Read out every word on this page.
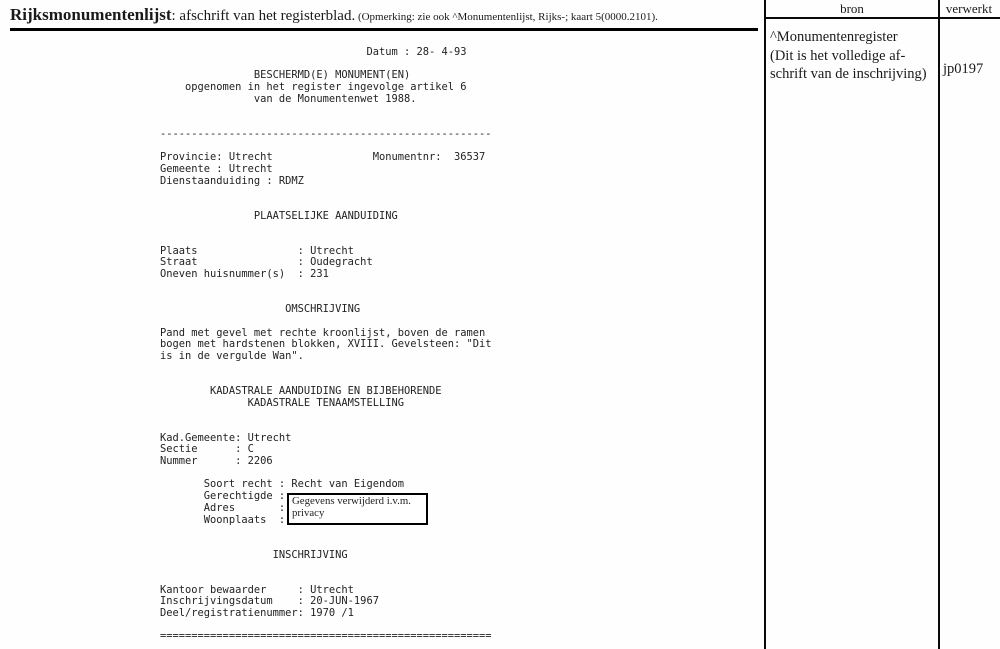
Rijksmonumentenlijst: afschrift van het registerblad. (Opmerking: zie ook ^Monumentenlijst, Rijks-; kaart 5(0000.2101).
Datum : 28- 4-93
BESCHERMD(E) MONUMENT(EN)
opgenomen in het register ingevolge artikel 6
van de Monumentenwet 1988.
-----------------------------------------------------
Provincie: Utrecht                Monumentnr:  36537
Gemeente : Utrecht
Dienstaanduiding : RDMZ
PLAATSELIJKE AANDUIDING
Plaats                : Utrecht
Straat                : Oudegracht
Oneven huisnummer(s)  : 231
OMSCHRIJVING
Pand met gevel met rechte kroonlijst, boven de ramen
bogen met hardstenen blokken, XVIII. Gevelsteen: "Dit
is in de vergulde Wan".
KADASTRALE AANDUIDING EN BIJBEHORENDE
KADASTRALE TENAAMSTELLING
Kad.Gemeente: Utrecht
Sectie      : C
Nummer      : 2206
Soort recht : Recht van Eigendom
Gerechtigde :
Adres       :
Woonplaats  :
INSCHRIJVING
Kantoor bewaarder     : Utrecht
Inschrijvingsdatum    : 20-JUN-1967
Deel/registratienummer: 1970 /1
=====================================================
Gegevens verwijderd i.v.m.
privacy
bron	verwerkt
^Monumentenregister
(Dit is het volledige af-
schrift van de inschrijving)	jp0197
